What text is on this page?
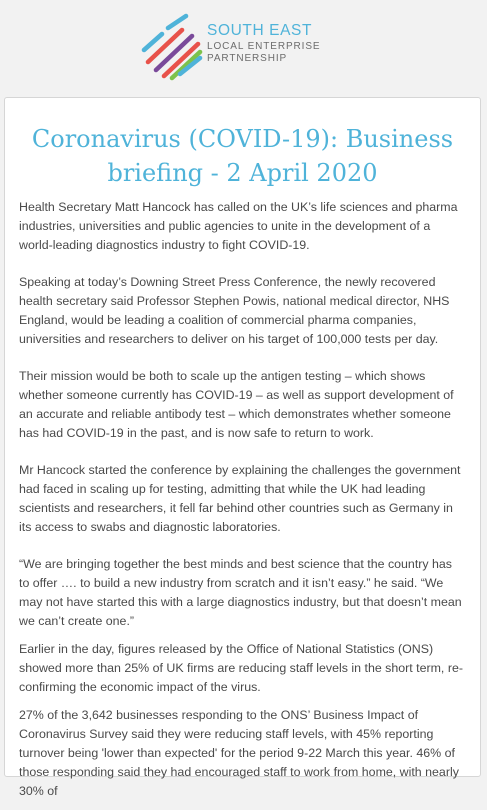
SOUTH EAST
LOCAL ENTERPRISE
PARTNERSHIP
Coronavirus (COVID-19): Business briefing - 2 April 2020

Health Secretary Matt Hancock has called on the UK’s life sciences and pharma industries, universities and public agencies to unite in the development of a world-leading diagnostics industry to fight COVID-19.

Speaking at today’s Downing Street Press Conference, the newly recovered health secretary said Professor Stephen Powis, national medical director, NHS England, would be leading a coalition of commercial pharma companies, universities and researchers to deliver on his target of 100,000 tests per day.

Their mission would be both to scale up the antigen testing – which shows whether someone currently has COVID-19 – as well as support development of an accurate and reliable antibody test – which demonstrates whether someone has had COVID-19 in the past, and is now safe to return to work.

Mr Hancock started the conference by explaining the challenges the government had faced in scaling up for testing, admitting that while the UK had leading scientists and researchers, it fell far behind other countries such as Germany in its access to swabs and diagnostic laboratories.

“We are bringing together the best minds and best science that the country has to offer …. to build a new industry from scratch and it isn’t easy.” he said. “We may not have started this with a large diagnostics industry, but that doesn’t mean we can’t create one.”

Earlier in the day, figures released by the Office of National Statistics (ONS) showed more than 25% of UK firms are reducing staff levels in the short term, re-confirming the economic impact of the virus.

27% of the 3,642 businesses responding to the ONS’ Business Impact of Coronavirus Survey said they were reducing staff levels, with 45% reporting turnover being 'lower than expected' for the period 9-22 March this year. 46% of those responding said they had encouraged staff to work from home, with nearly 30% of
